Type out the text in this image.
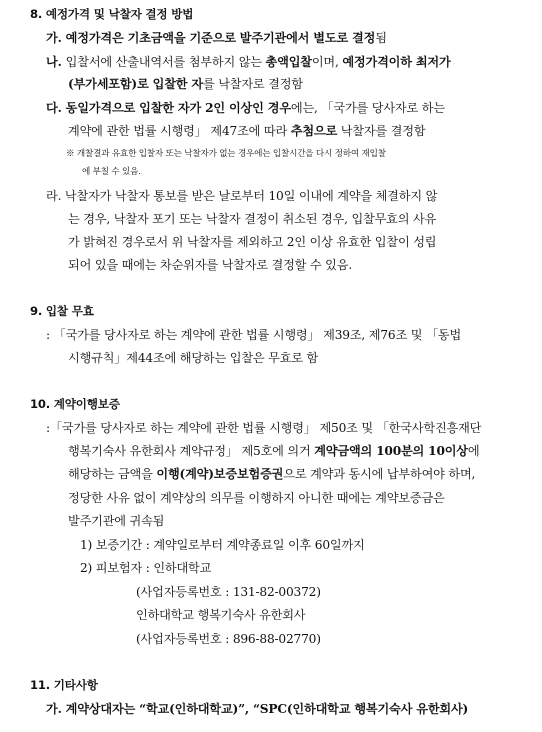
8. 예정가격 및 낙찰자 결정 방법
가. 예정가격은 기초금액을 기준으로 발주기관에서 별도로 결정됨
나. 입찰서에 산출내역서를 첨부하지 않는 총액입찰이며, 예정가격이하 최저가
(부가세포함)로 입찰한 자를 낙찰자로 결정함
다. 동일가격으로 입찰한 자가 2인 이상인 경우에는, 「국가를 당사자로 하는
계약에 관한 법률 시행령」 제47조에 따라 추첨으로 낙찰자를 결정함
※ 개찰결과 유효한 입찰자 또는 낙찰자가 없는 경우에는 입찰시간을 다시 정하여 재입찰
에 부칠 수 있음.
라. 낙찰자가 낙찰자 통보를 받은 날로부터 10일 이내에 계약을 체결하지 않
는 경우, 낙찰자 포기 또는 낙찰자 결정이 취소된 경우, 입찰무효의 사유
가 밝혀진 경우로서 위 낙찰자를 제외하고 2인 이상 유효한 입찰이 성립
되어 있을 때에는 차순위자를 낙찰자로 결정할 수 있음.
9. 입찰 무효
: 「국가를 당사자로 하는 계약에 관한 법률 시행령」 제39조, 제76조 및 「동법
시행규칙」제44조에 해당하는 입찰은 무효로 함
10. 계약이행보증
:「국가를 당사자로 하는 계약에 관한 법률 시행령」 제50조 및 「한국사학진흥재단
행복기숙사 유한회사 계약규정」 제5호에 의거 계약금액의 100분의 10이상에
해당하는 금액을 이행(계약)보증보험증권으로 계약과 동시에 납부하여야 하며,
정당한 사유 없이 계약상의 의무를 이행하지 아니한 때에는 계약보증금은
발주기관에 귀속됨
1) 보증기간 : 계약일로부터 계약종료일 이후 60일까지
2) 피보험자 : 인하대학교
(사업자등록번호 : 131-82-00372)
인하대학교 행복기숙사 유한회사
(사업자등록번호 : 896-88-02770)
11. 기타사항
가. 계약상대자는 “학교(인하대학교)”, “SPC(인하대학교 행복기숙사 유한회사)
